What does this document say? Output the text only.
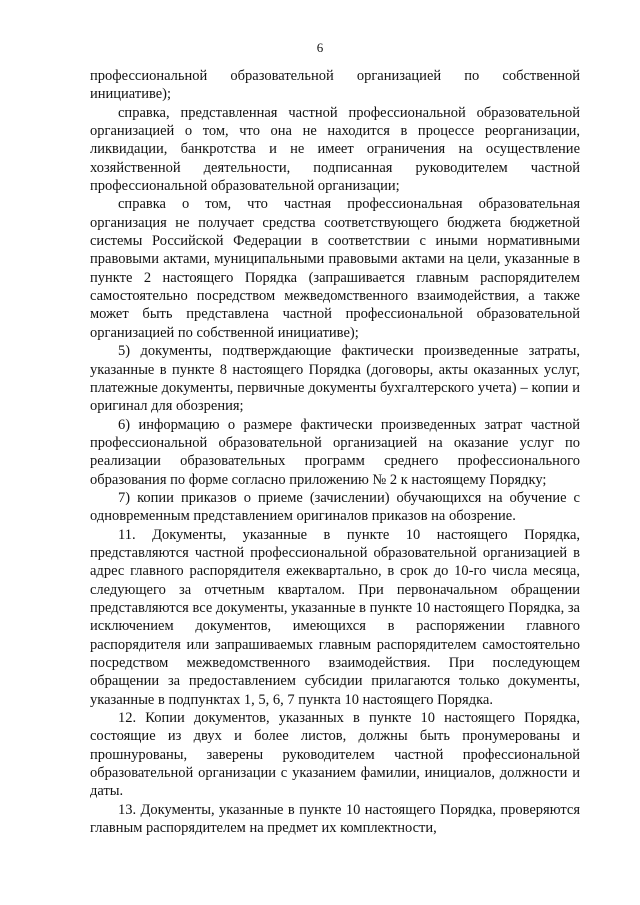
6

профессиональной образовательной организацией по собственной инициативе);

справка, представленная частной профессиональной образовательной организацией о том, что она не находится в процессе реорганизации, ликвидации, банкротства и не имеет ограничения на осуществление хозяйственной деятельности, подписанная руководителем частной профессиональной образовательной организации;

справка о том, что частная профессиональная образовательная организация не получает средства соответствующего бюджета бюджетной системы Российской Федерации в соответствии с иными нормативными правовыми актами, муниципальными правовыми актами на цели, указанные в пункте 2 настоящего Порядка (запрашивается главным распорядителем самостоятельно посредством межведомственного взаимодействия, а также может быть представлена частной профессиональной образовательной организацией по собственной инициативе);

5) документы, подтверждающие фактически произведенные затраты, указанные в пункте 8 настоящего Порядка (договоры, акты оказанных услуг, платежные документы, первичные документы бухгалтерского учета) – копии и оригинал для обозрения;

6) информацию о размере фактически произведенных затрат частной профессиональной образовательной организацией на оказание услуг по реализации образовательных программ среднего профессионального образования по форме согласно приложению № 2 к настоящему Порядку;

7) копии приказов о приеме (зачислении) обучающихся на обучение с одновременным представлением оригиналов приказов на обозрение.

11. Документы, указанные в пункте 10 настоящего Порядка, представляются частной профессиональной образовательной организацией в адрес главного распорядителя ежеквартально, в срок до 10-го числа месяца, следующего за отчетным кварталом. При первоначальном обращении представляются все документы, указанные в пункте 10 настоящего Порядка, за исключением документов, имеющихся в распоряжении главного распорядителя или запрашиваемых главным распорядителем самостоятельно посредством межведомственного взаимодействия. При последующем обращении за предоставлением субсидии прилагаются только документы, указанные в подпунктах 1, 5, 6, 7 пункта 10 настоящего Порядка.

12. Копии документов, указанных в пункте 10 настоящего Порядка, состоящие из двух и более листов, должны быть пронумерованы и прошнурованы, заверены руководителем частной профессиональной образовательной организации с указанием фамилии, инициалов, должности и даты.

13. Документы, указанные в пункте 10 настоящего Порядка, проверяются главным распорядителем на предмет их комплектности,
